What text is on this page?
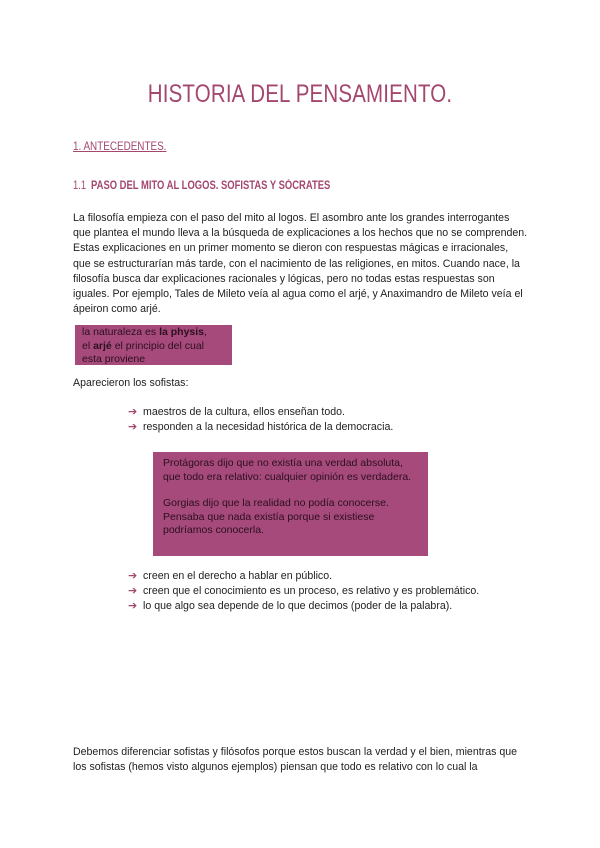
HISTORIA DEL PENSAMIENTO.
1. ANTECEDENTES.
1.1 PASO DEL MITO AL LOGOS. SOFISTAS Y SÓCRATES
La filosofía empieza con el paso del mito al logos. El asombro ante los grandes interrogantes que plantea el mundo lleva a la búsqueda de explicaciones a los hechos que no se comprenden. Estas explicaciones en un primer momento se dieron con respuestas mágicas e irracionales, que se estructurarían más tarde, con el nacimiento de las religiones, en mitos. Cuando nace, la filosofía busca dar explicaciones racionales y lógicas, pero no todas estas respuestas son iguales. Por ejemplo, Tales de Mileto veía al agua como el arjé, y Anaximandro de Mileto veía el ápeiron como arjé.
la naturaleza es la physis,
el arjé el principio del cual
esta proviene
Aparecieron los sofistas:
➔ maestros de la cultura, ellos enseñan todo.
➔ responden a la necesidad histórica de la democracia.

Protágoras dijo que no existía una verdad absoluta, que todo era relativo: cualquier opinión es verdadera.

Gorgias dijo que la realidad no podía conocerse. Pensaba que nada existía porque si existiese podríamos conocerla.

➔ creen en el derecho a hablar en público.
➔ creen que el conocimiento es un proceso, es relativo y es problemático.
➔ lo que algo sea depende de lo que decimos (poder de la palabra).
Debemos diferenciar sofistas y filósofos porque estos buscan la verdad y el bien, mientras que los sofistas (hemos visto algunos ejemplos) piensan que todo es relativo con lo cual la
